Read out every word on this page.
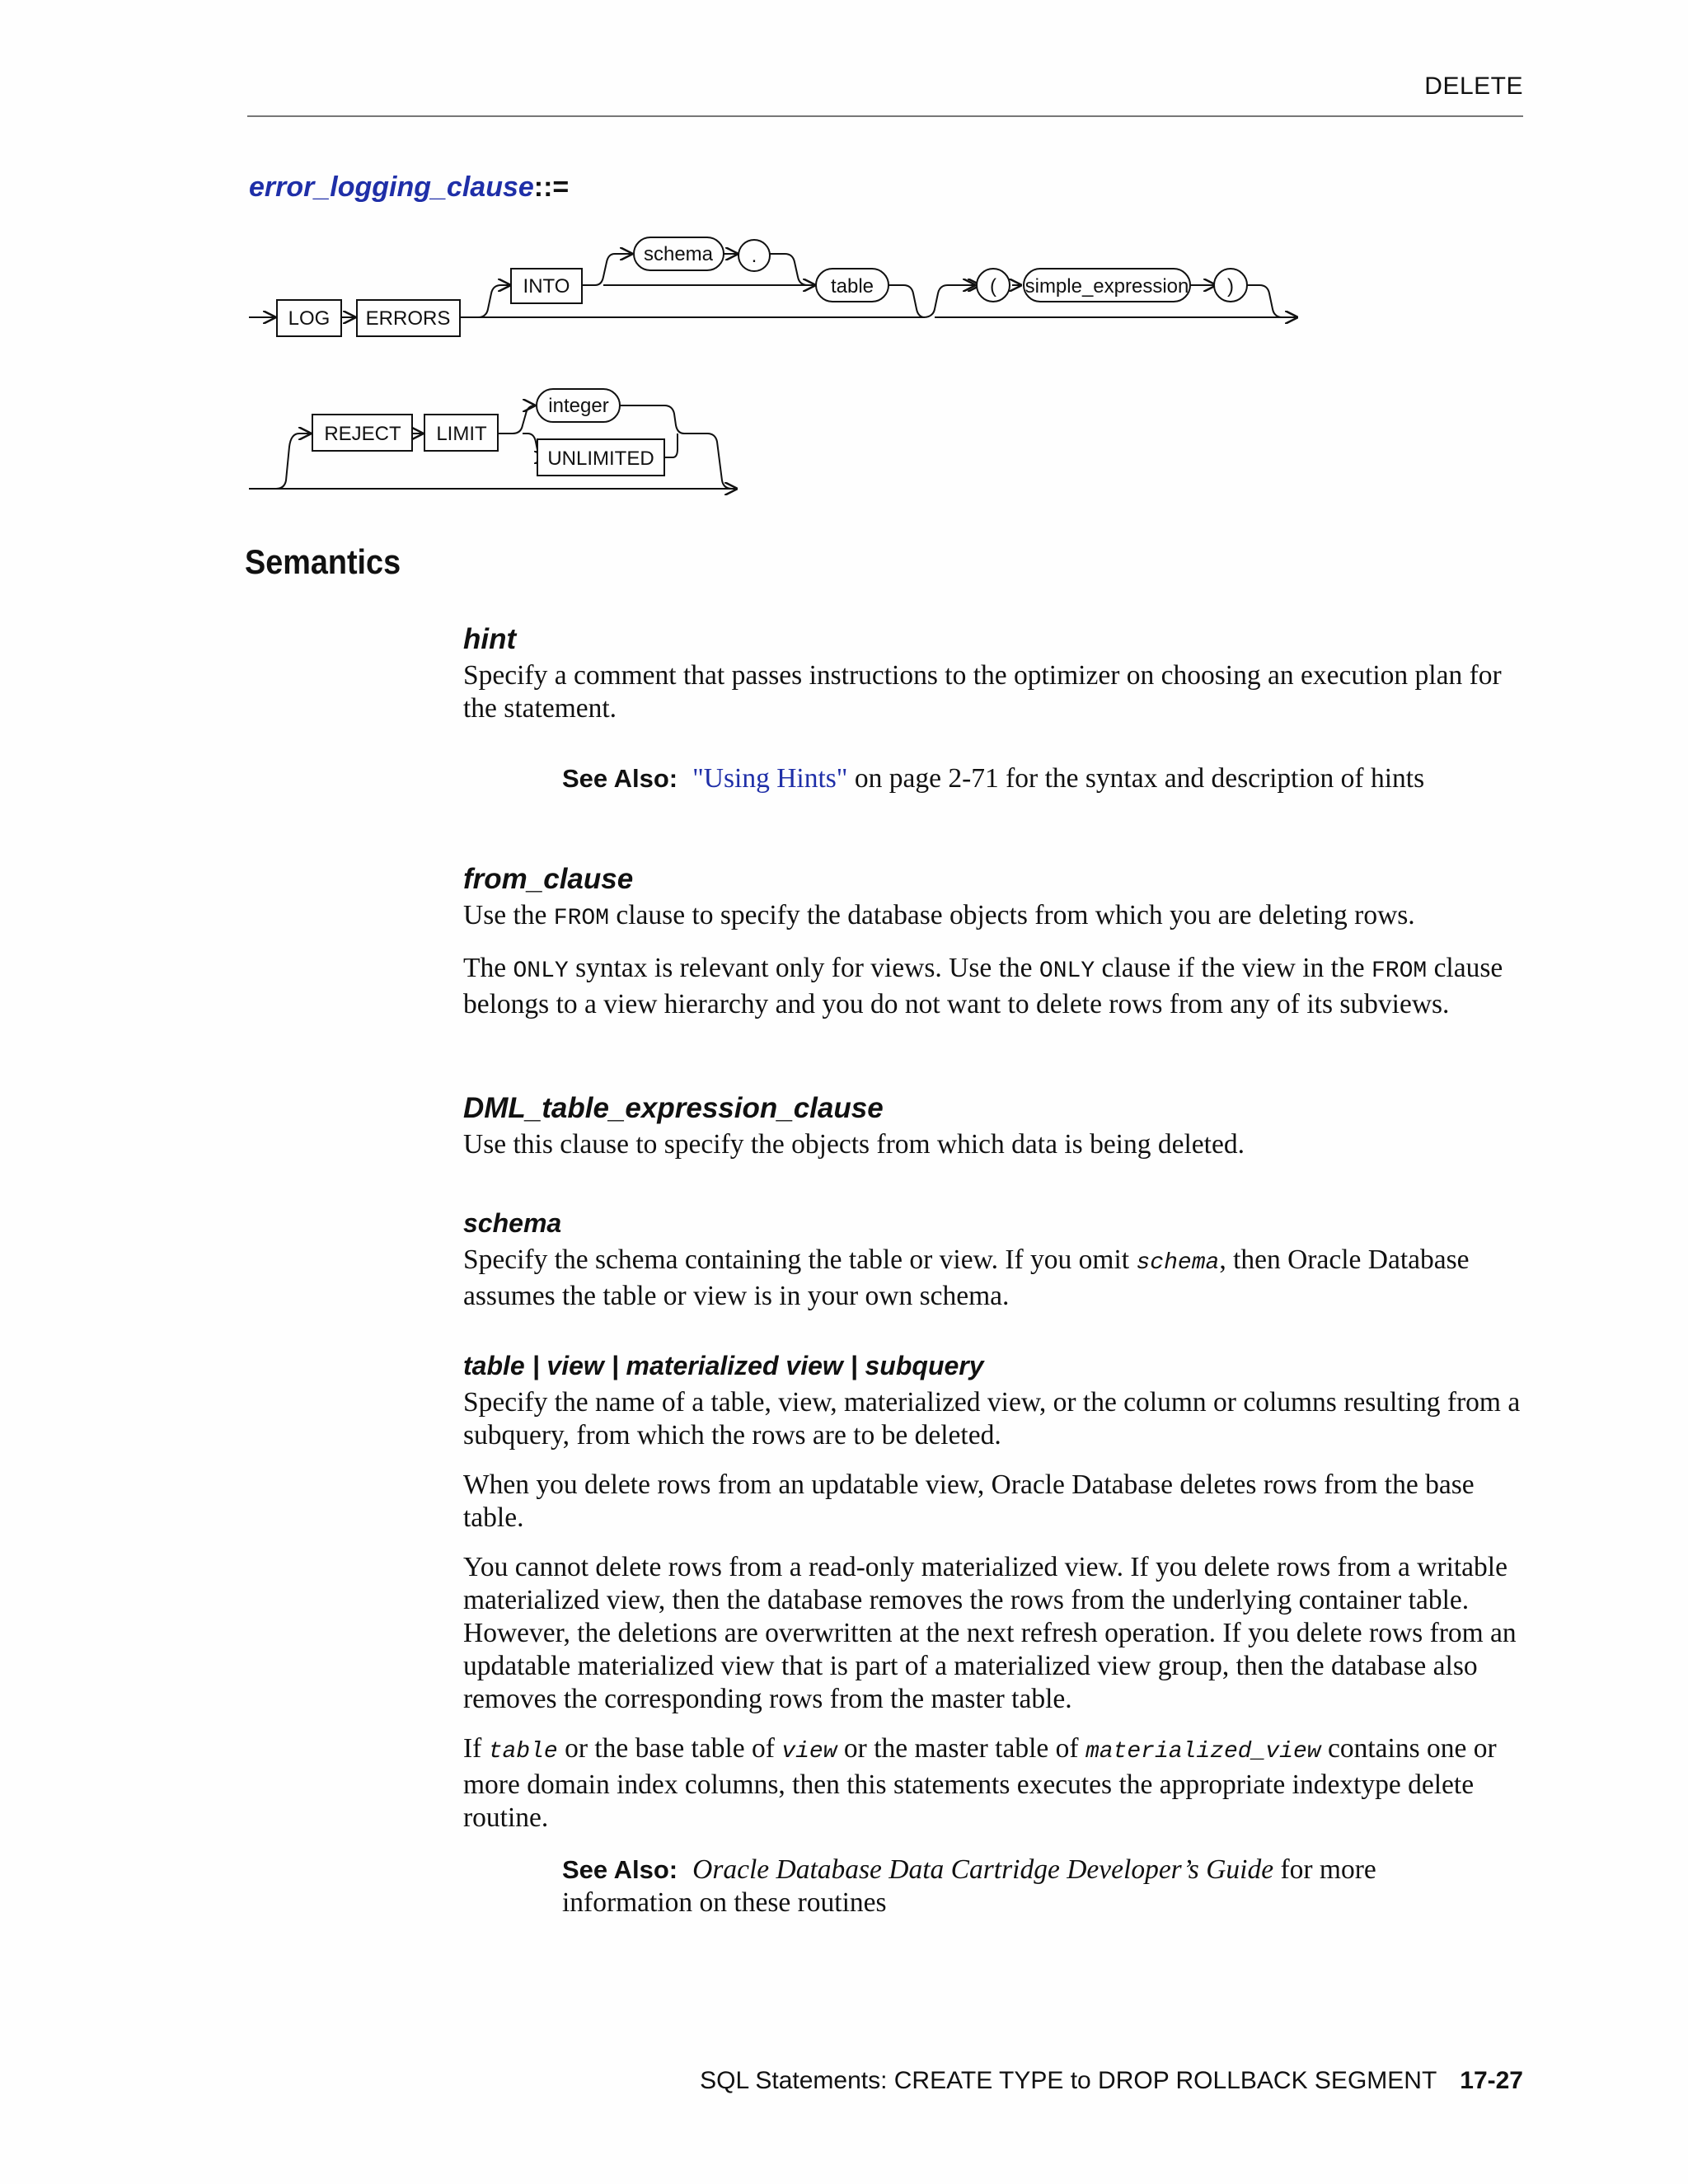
DELETE
error_logging_clause::=
LOG ERRORS
INTO
schema .
table	( simple_expression )
REJECT LIMIT
integer
UNLIMITED
Semantics
hint

Specify a comment that passes instructions to the optimizer on choosing an execution plan for the statement.

See Also: "Using Hints" on page 2-71 for the syntax and description of hints
from_clause

Use the FROM clause to specify the database objects from which you are deleting rows.

The ONLY syntax is relevant only for views. Use the ONLY clause if the view in the FROM clause belongs to a view hierarchy and you do not want to delete rows from any of its subviews.

DML_table_expression_clause

Use this clause to specify the objects from which data is being deleted.

schema

Specify the schema containing the table or view. If you omit schema, then Oracle Database assumes the table or view is in your own schema.

table | view | materialized view | subquery

Specify the name of a table, view, materialized view, or the column or columns resulting from a subquery, from which the rows are to be deleted.

When you delete rows from an updatable view, Oracle Database deletes rows from the base table.

You cannot delete rows from a read-only materialized view. If you delete rows from a writable materialized view, then the database removes the rows from the underlying container table. However, the deletions are overwritten at the next refresh operation. If you delete rows from an updatable materialized view that is part of a materialized view group, then the database also removes the corresponding rows from the master table.

If table or the base table of view or the master table of materialized_view contains one or more domain index columns, then this statements executes the appropriate indextype delete routine.

See Also: Oracle Database Data Cartridge Developer’s Guide for more information on these routines
SQL Statements: CREATE TYPE to DROP ROLLBACK SEGMENT 17-27
